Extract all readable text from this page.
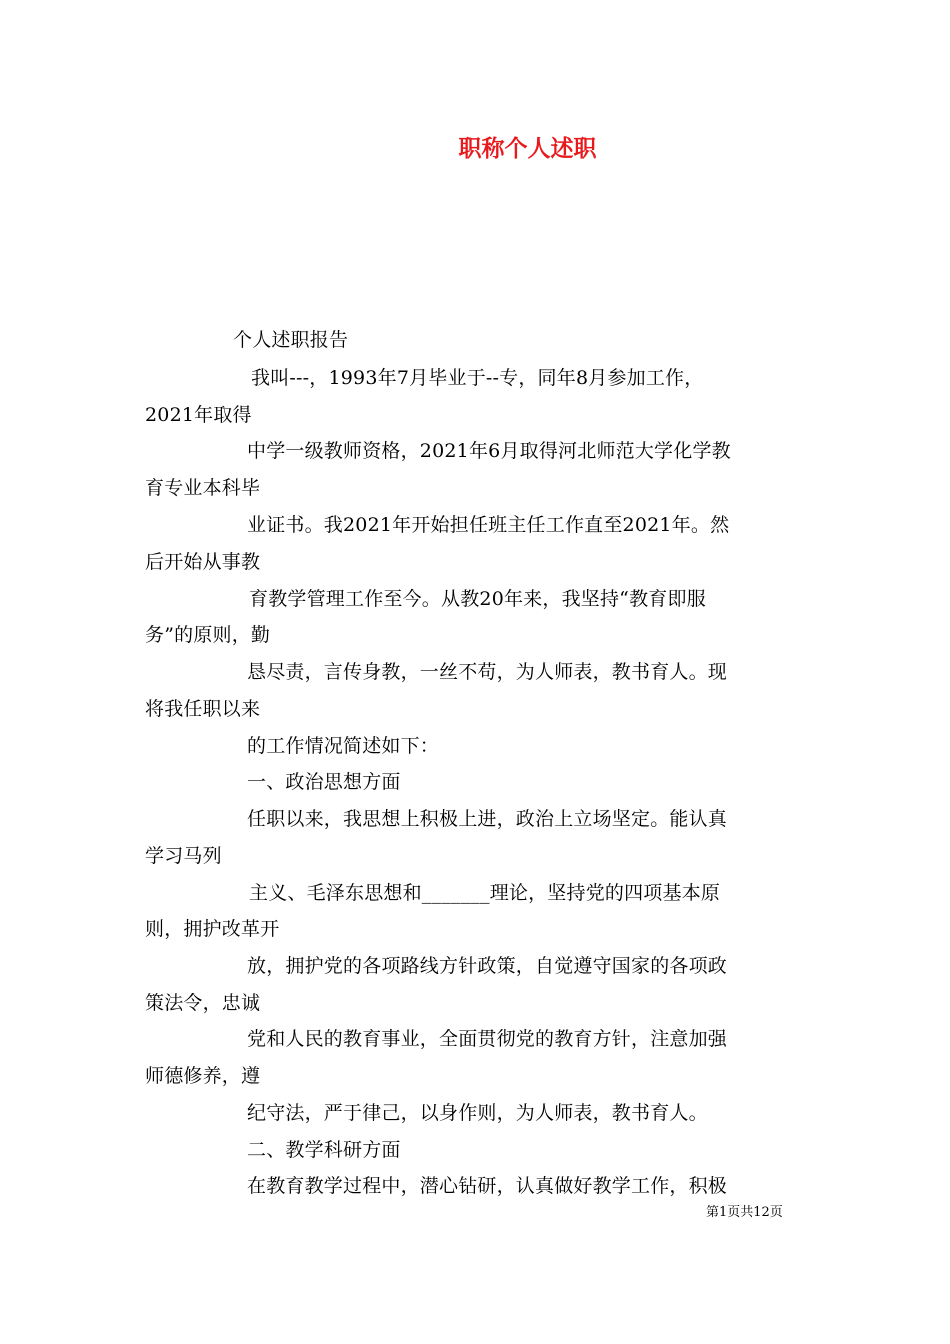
职称个人述职
个人述职报告
我叫---，1993年7月毕业于--专，同年8月参加工作，
2021年取得
中学一级教师资格，2021年6月取得河北师范大学化学教
育专业本科毕
业证书。我2021年开始担任班主任工作直至2021年。然
后开始从事教
育教学管理工作至今。从教20年来，我坚持“教育即服
务”的原则，勤
恳尽责，言传身教，一丝不苟，为人师表，教书育人。现
将我任职以来
的工作情况简述如下：
一、政治思想方面
任职以来，我思想上积极上进，政治上立场坚定。能认真
学习马列
主义、毛泽东思想和_______理论，坚持党的四项基本原
则，拥护改革开
放，拥护党的各项路线方针政策，自觉遵守国家的各项政
策法令，忠诚
党和人民的教育事业，全面贯彻党的教育方针，注意加强
师德修养，遵
纪守法，严于律己，以身作则，为人师表，教书育人。
二、教学科研方面
在教育教学过程中，潜心钻研，认真做好教学工作，积极
第1页共12页
